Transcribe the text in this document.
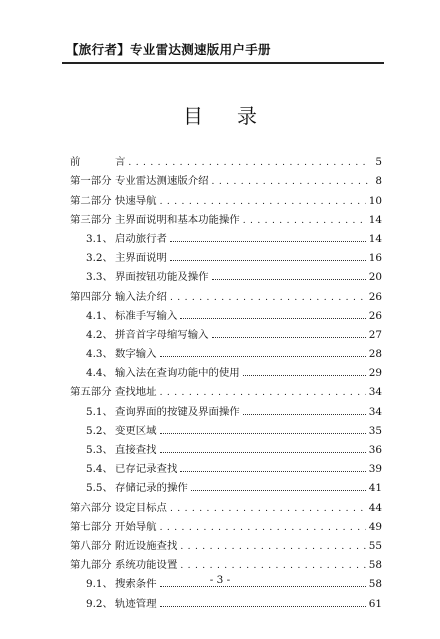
【旅行者】专业雷达测速版用户手册
目录
前	言 . . .	5
第一部分 专业雷达测速版介绍 . . .	8
第二部分 快速导航 . . .	10
第三部分 主界面说明和基本功能操作 . . .	14
3.1、 启动旅行者	14
3.2、 主界面说明	16
3.3、 界面按钮功能及操作	20
第四部分 输入法介绍 . . .	26
4.1、 标准手写输入	26
4.2、 拼音首字母缩写输入	27
4.3、 数字输入	28
4.4、 输入法在查询功能中的使用	29
第五部分 查找地址 . . .	34
5.1、 查询界面的按键及界面操作	34
5.2、 变更区域	35
5.3、 直接查找	36
5.4、 已存记录查找	39
5.5、 存储记录的操作	41
第六部分 设定目标点 . . .	44
第七部分 开始导航 . . .	49
第八部分 附近设施查找 . . .	55
第九部分 系统功能设置 . . .	58
9.1、 搜索条件	58
9.2、 轨迹管理	61
- 3 -
